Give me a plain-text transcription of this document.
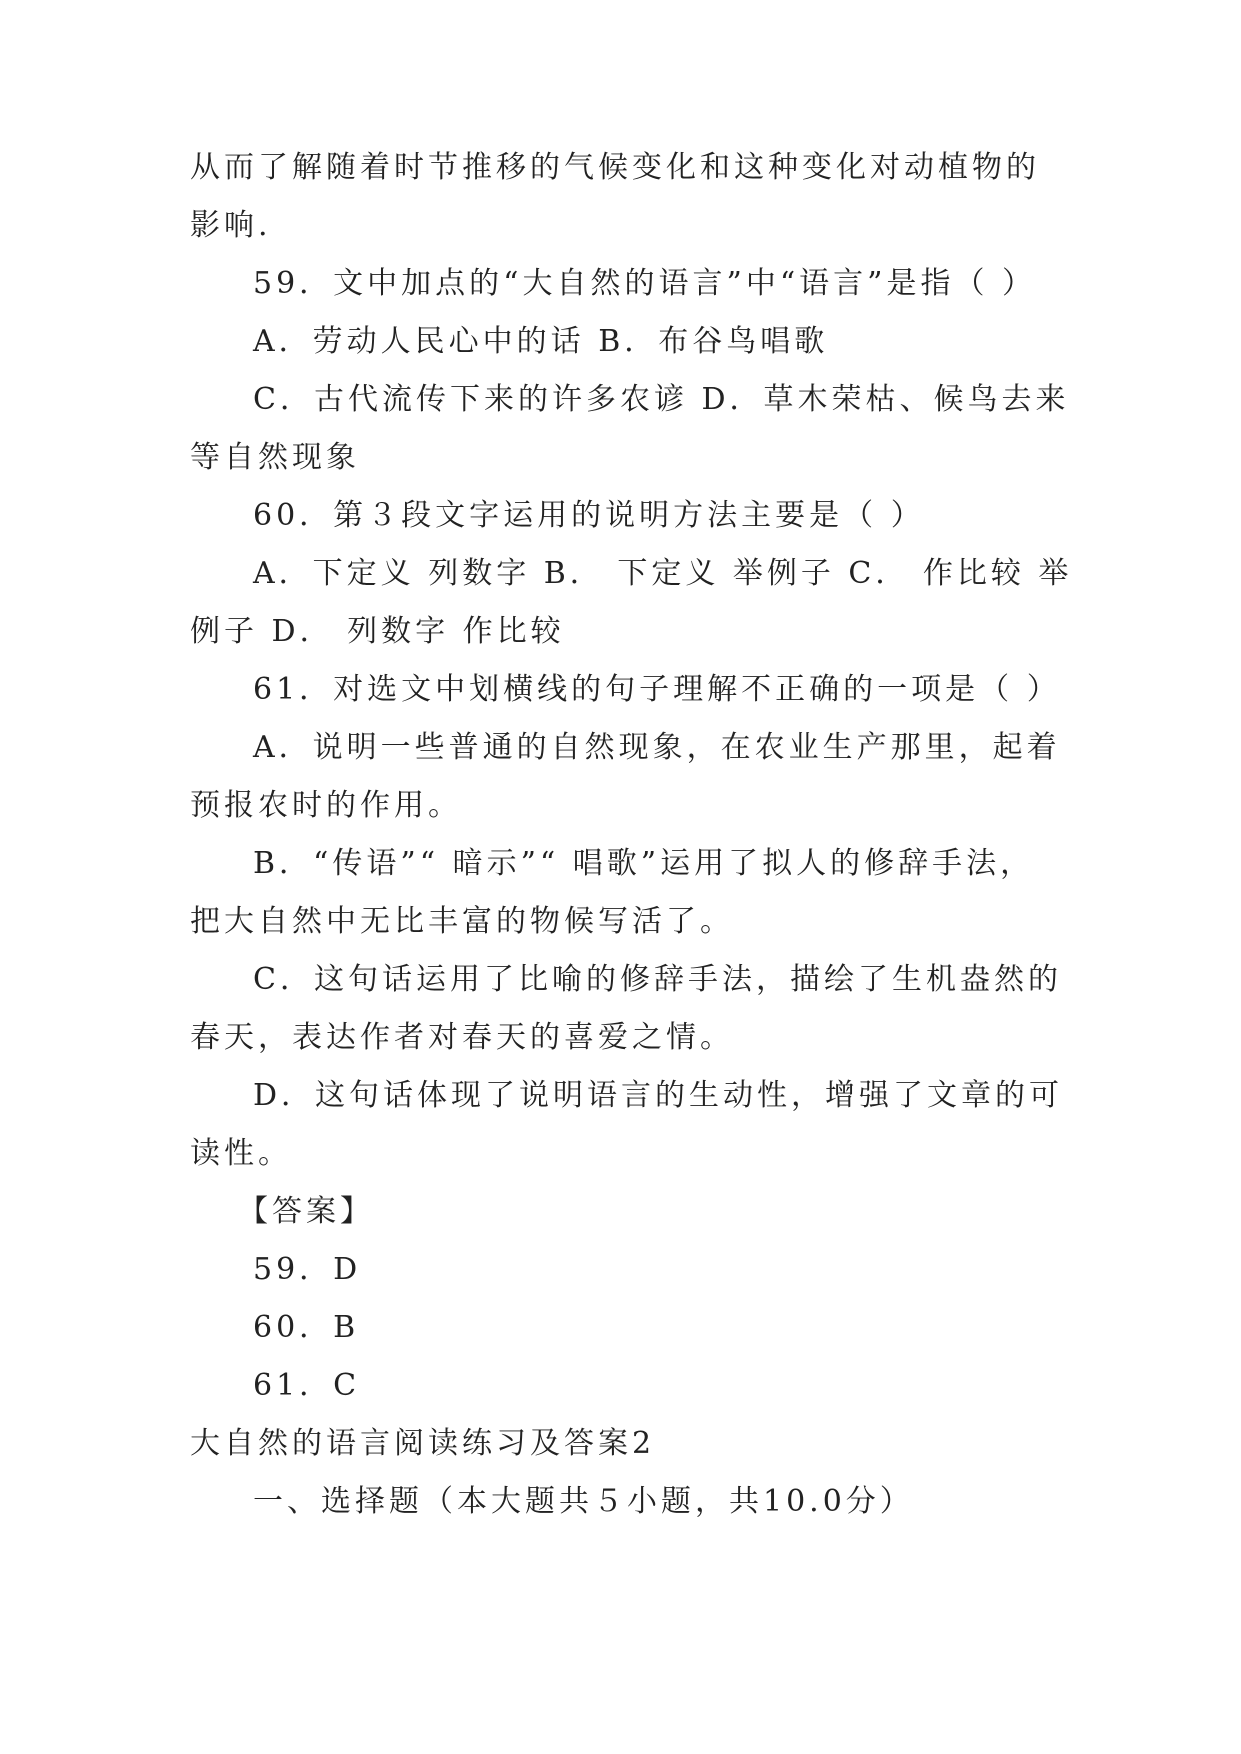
从而了解随着时节推移的气候变化和这种变化对动植物的
影响.
59．文中加点的“大自然的语言”中“语言”是指（ ）
A．劳动人民心中的话 B．布谷鸟唱歌
C．古代流传下来的许多农谚 D．草木荣枯、候鸟去来
等自然现象
60．第３段文字运用的说明方法主要是（ ）
A．下定义 列数字 B． 下定义 举例子 C． 作比较 举
例子 D． 列数字 作比较
61．对选文中划横线的句子理解不正确的一项是（ ）
A．说明一些普通的自然现象，在农业生产那里，起着
预报农时的作用。
B．“传语”“ 暗示”“ 唱歌”运用了拟人的修辞手法，
把大自然中无比丰富的物候写活了。
C．这句话运用了比喻的修辞手法，描绘了生机盎然的
春天，表达作者对春天的喜爱之情。
D．这句话体现了说明语言的生动性，增强了文章的可
读性。
【答案】
59．D
60．B
61．C
大自然的语言阅读练习及答案2
一、选择题（本大题共５小题，共10.0分）
